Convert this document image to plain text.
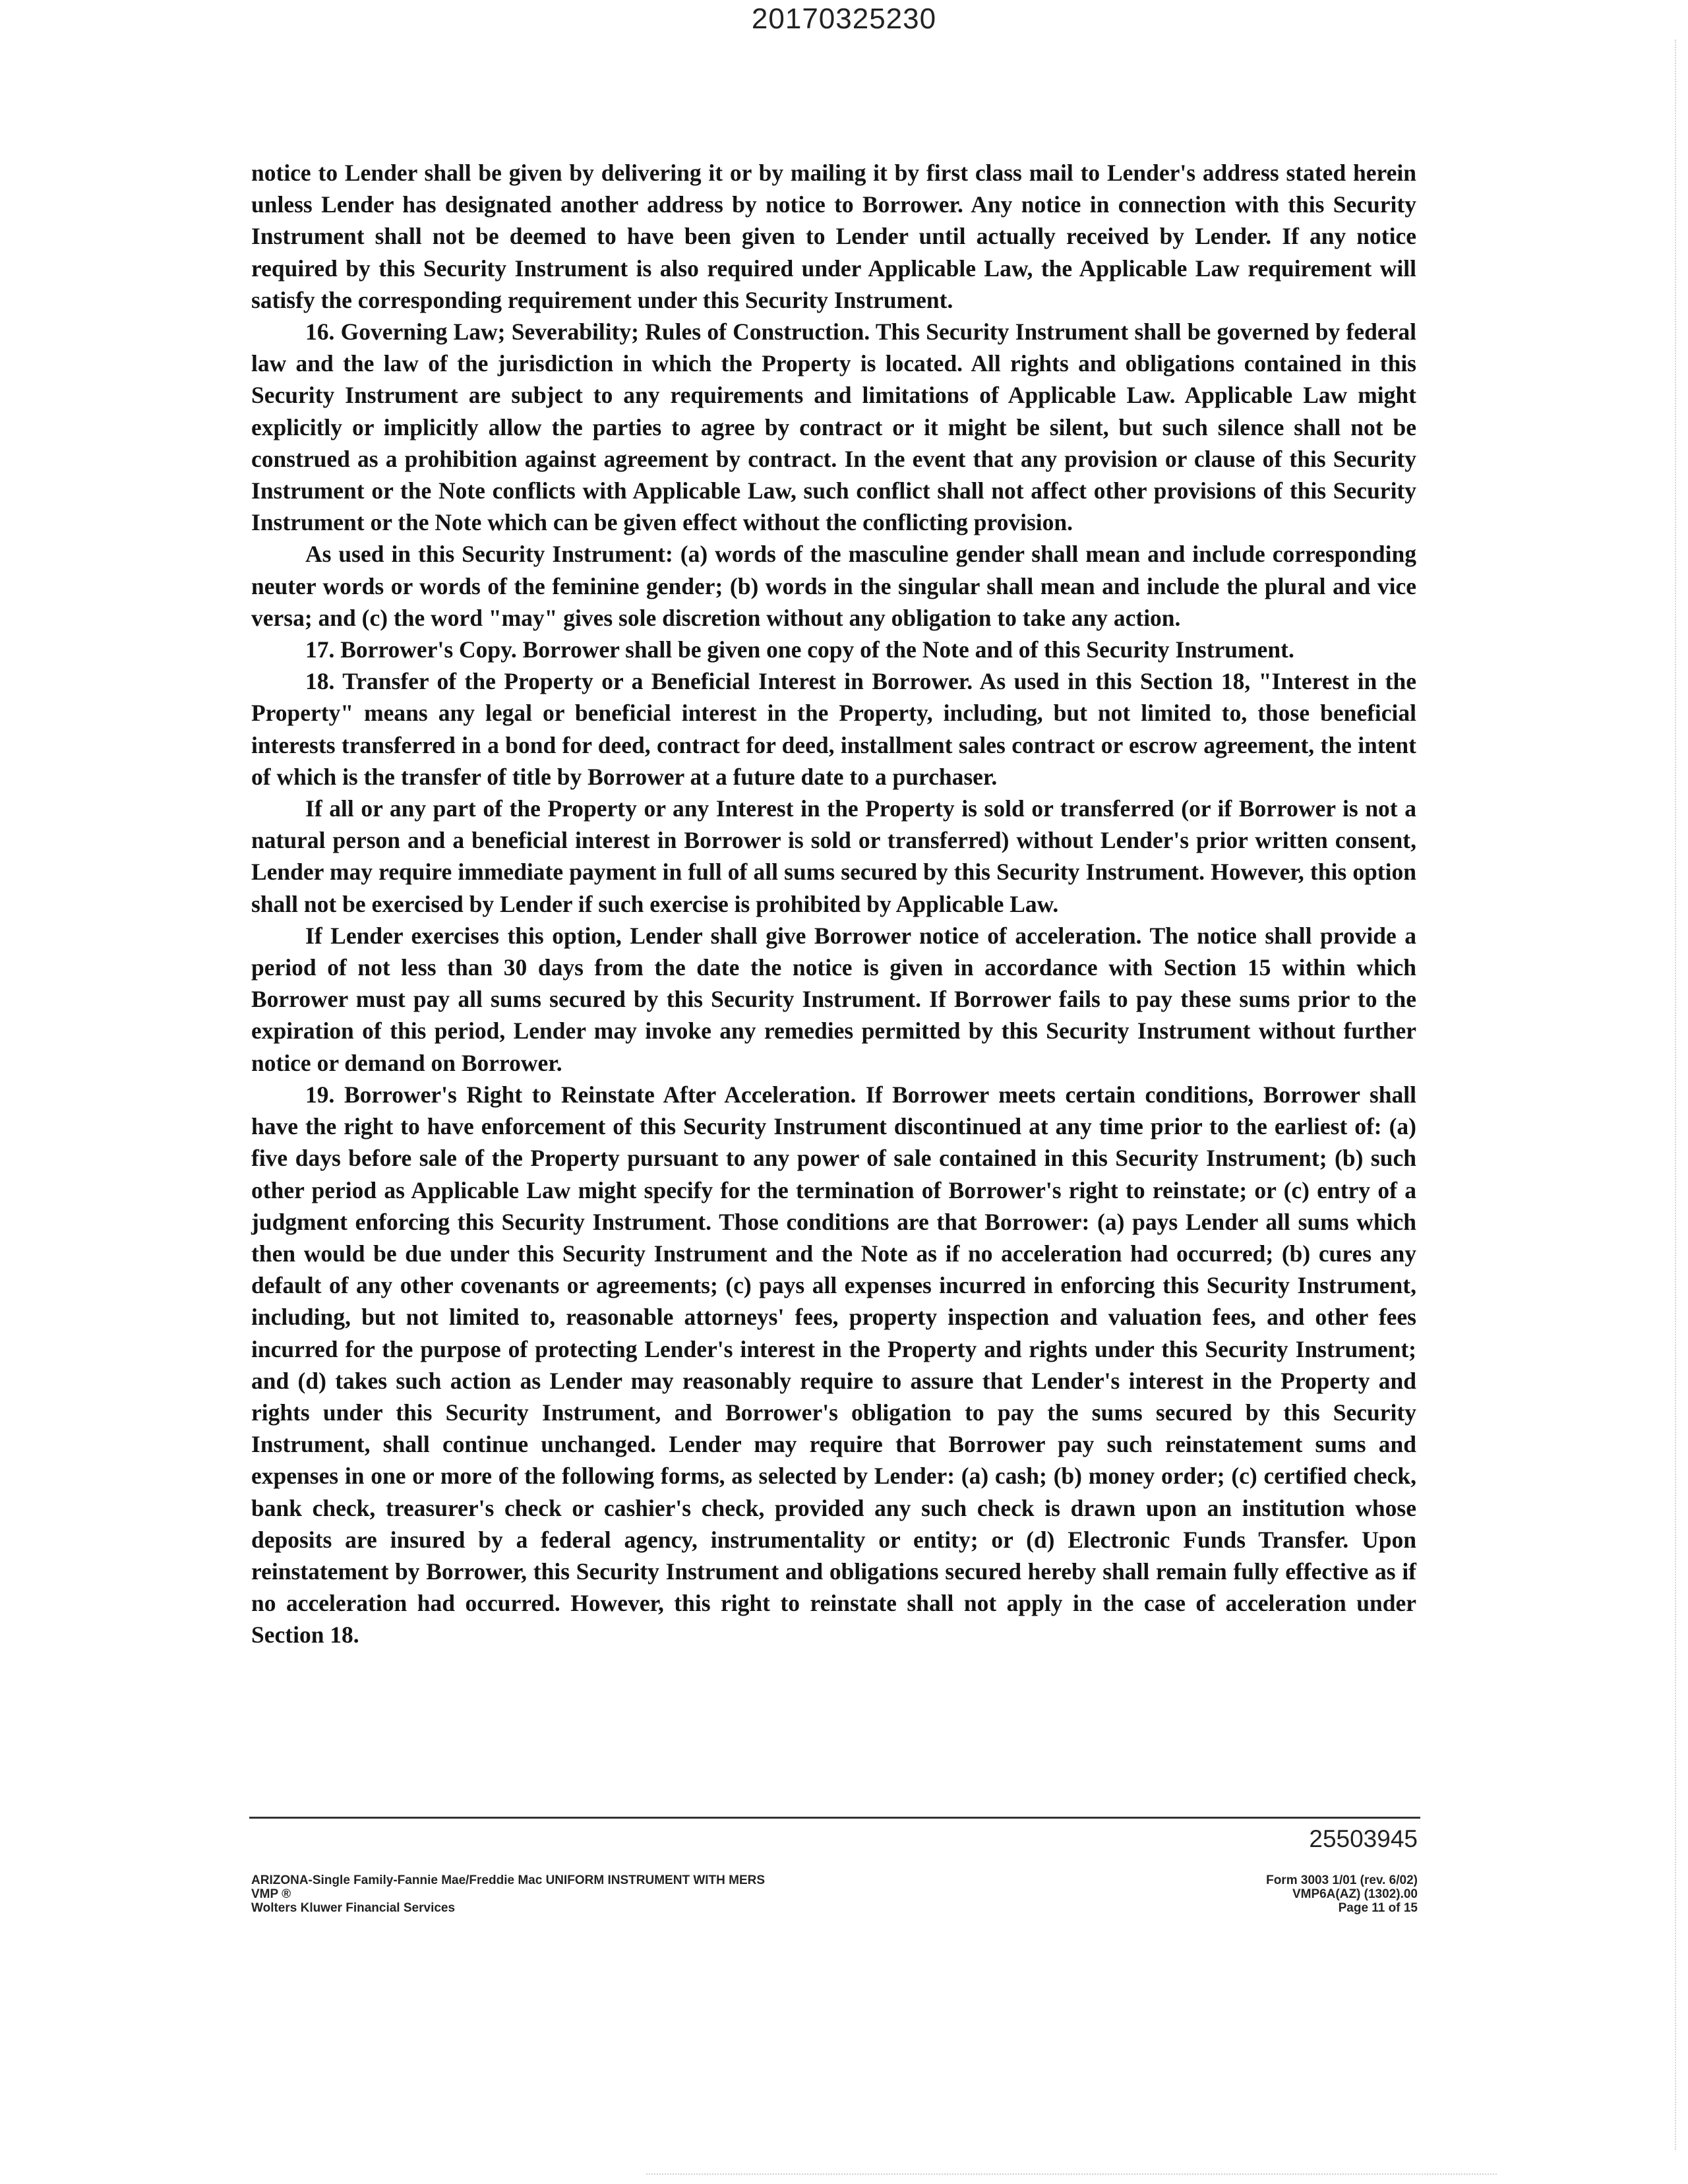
20170325230

notice to Lender shall be given by delivering it or by mailing it by first class mail to Lender's address stated herein unless Lender has designated another address by notice to Borrower. Any notice in connection with this Security Instrument shall not be deemed to have been given to Lender until actually received by Lender. If any notice required by this Security Instrument is also required under Applicable Law, the Applicable Law requirement will satisfy the corresponding requirement under this Security Instrument.

16. Governing Law; Severability; Rules of Construction. This Security Instrument shall be governed by federal law and the law of the jurisdiction in which the Property is located. All rights and obligations contained in this Security Instrument are subject to any requirements and limitations of Applicable Law. Applicable Law might explicitly or implicitly allow the parties to agree by contract or it might be silent, but such silence shall not be construed as a prohibition against agreement by contract. In the event that any provision or clause of this Security Instrument or the Note conflicts with Applicable Law, such conflict shall not affect other provisions of this Security Instrument or the Note which can be given effect without the conflicting provision.

As used in this Security Instrument: (a) words of the masculine gender shall mean and include corresponding neuter words or words of the feminine gender; (b) words in the singular shall mean and include the plural and vice versa; and (c) the word "may" gives sole discretion without any obligation to take any action.

17. Borrower's Copy. Borrower shall be given one copy of the Note and of this Security Instrument.

18. Transfer of the Property or a Beneficial Interest in Borrower. As used in this Section 18, "Interest in the Property" means any legal or beneficial interest in the Property, including, but not limited to, those beneficial interests transferred in a bond for deed, contract for deed, installment sales contract or escrow agreement, the intent of which is the transfer of title by Borrower at a future date to a purchaser.

If all or any part of the Property or any Interest in the Property is sold or transferred (or if Borrower is not a natural person and a beneficial interest in Borrower is sold or transferred) without Lender's prior written consent, Lender may require immediate payment in full of all sums secured by this Security Instrument. However, this option shall not be exercised by Lender if such exercise is prohibited by Applicable Law.

If Lender exercises this option, Lender shall give Borrower notice of acceleration. The notice shall provide a period of not less than 30 days from the date the notice is given in accordance with Section 15 within which Borrower must pay all sums secured by this Security Instrument. If Borrower fails to pay these sums prior to the expiration of this period, Lender may invoke any remedies permitted by this Security Instrument without further notice or demand on Borrower.

19. Borrower's Right to Reinstate After Acceleration. If Borrower meets certain conditions, Borrower shall have the right to have enforcement of this Security Instrument discontinued at any time prior to the earliest of: (a) five days before sale of the Property pursuant to any power of sale contained in this Security Instrument; (b) such other period as Applicable Law might specify for the termination of Borrower's right to reinstate; or (c) entry of a judgment enforcing this Security Instrument. Those conditions are that Borrower: (a) pays Lender all sums which then would be due under this Security Instrument and the Note as if no acceleration had occurred; (b) cures any default of any other covenants or agreements; (c) pays all expenses incurred in enforcing this Security Instrument, including, but not limited to, reasonable attorneys' fees, property inspection and valuation fees, and other fees incurred for the purpose of protecting Lender's interest in the Property and rights under this Security Instrument; and (d) takes such action as Lender may reasonably require to assure that Lender's interest in the Property and rights under this Security Instrument, and Borrower's obligation to pay the sums secured by this Security Instrument, shall continue unchanged. Lender may require that Borrower pay such reinstatement sums and expenses in one or more of the following forms, as selected by Lender: (a) cash; (b) money order; (c) certified check, bank check, treasurer's check or cashier's check, provided any such check is drawn upon an institution whose deposits are insured by a federal agency, instrumentality or entity; or (d) Electronic Funds Transfer. Upon reinstatement by Borrower, this Security Instrument and obligations secured hereby shall remain fully effective as if no acceleration had occurred. However, this right to reinstate shall not apply in the case of acceleration under Section 18.

25503945
ARIZONA-Single Family-Fannie Mae/Freddie Mac UNIFORM INSTRUMENT WITH MERS
VMP ®
Wolters Kluwer Financial Services
Form 3003 1/01 (rev. 6/02)
VMP6A(AZ) (1302).00
Page 11 of 15
